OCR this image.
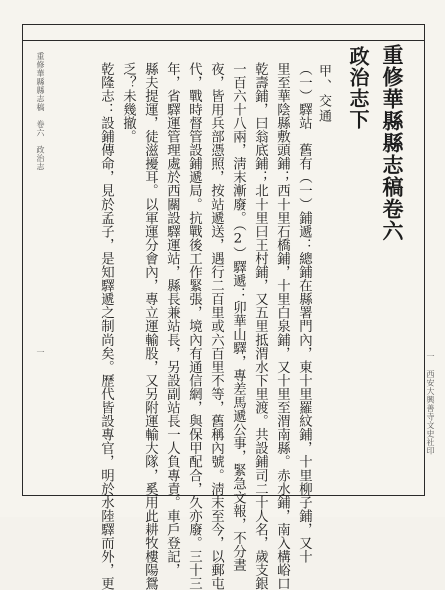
西安大興善寺文史社印
一
重修華縣縣志稿卷六
政治志下
甲、交通
（一）驛站　舊有（一）鋪遞：總鋪在縣署門內，東十里羅紋鋪，十里柳子鋪，又十
里至華陰縣敷頭鋪；西十里石橋鋪，十里白泉鋪，又十里至渭南縣。赤水鋪，南入構峪口
乾壽鋪，曰翁底鋪；北十里曰王村鋪，又五里抵渭水下里渡。共設鋪司二十人名，歲支銀
一百六十八兩，淸末漸廢。（2）驛遞：卯華山驛，專差馬遞公事，緊急文報，不分晝
夜，皆用兵部憑照，按站遞送，遇行二百里或六百里不等，舊稱內號。淸末至今，以郵屯
代，戰時督管設鋪遞局。抗戰後工作緊張，境內有通信網，與保甲配合，久亦廢。三十三
年，省驛運管理處於西關設驛運站，縣長兼站長，另設副站長一人負專責。車戶登記，
縣夫提運，徒滋擾耳。以軍運分會內，專立運輸股，又另附運輸大隊，奚用此耕牧樓陽鴛
乏？未幾撤。
乾隆志：設鋪傳命，見於孟子，是知驛遞之制尚矣。歷代皆設專官，明於水陸驛而外，更
重修華縣縣志稿　卷六　政治志
一
